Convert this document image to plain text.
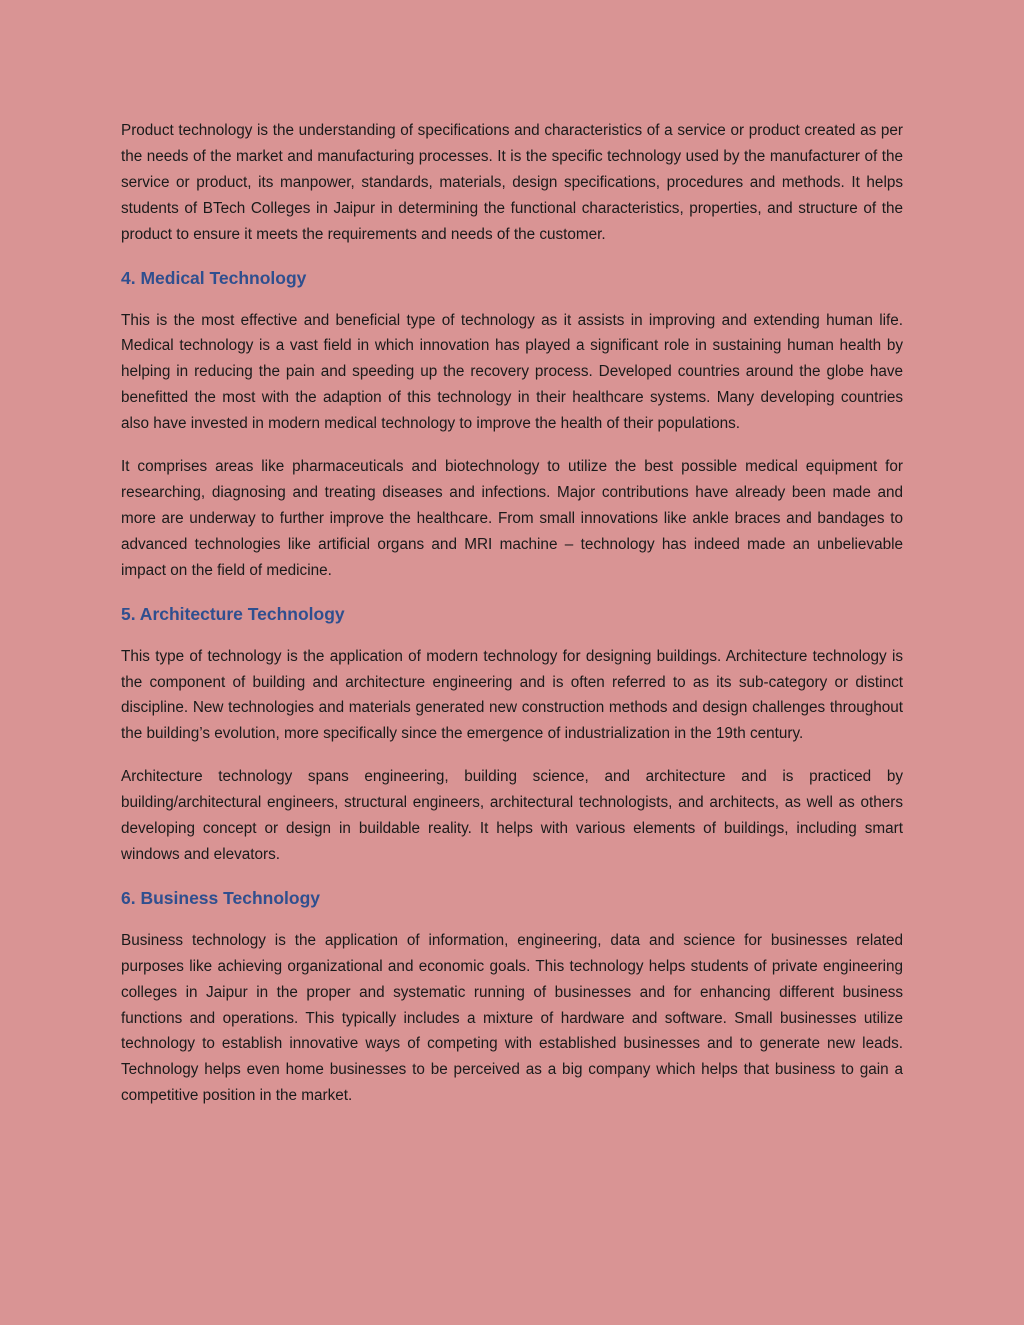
Product technology is the understanding of specifications and characteristics of a service or product created as per the needs of the market and manufacturing processes. It is the specific technology used by the manufacturer of the service or product, its manpower, standards, materials, design specifications, procedures and methods. It helps students of BTech Colleges in Jaipur in determining the functional characteristics, properties, and structure of the product to ensure it meets the requirements and needs of the customer.

4. Medical Technology

This is the most effective and beneficial type of technology as it assists in improving and extending human life. Medical technology is a vast field in which innovation has played a significant role in sustaining human health by helping in reducing the pain and speeding up the recovery process. Developed countries around the globe have benefitted the most with the adaption of this technology in their healthcare systems. Many developing countries also have invested in modern medical technology to improve the health of their populations.

It comprises areas like pharmaceuticals and biotechnology to utilize the best possible medical equipment for researching, diagnosing and treating diseases and infections. Major contributions have already been made and more are underway to further improve the healthcare. From small innovations like ankle braces and bandages to advanced technologies like artificial organs and MRI machine – technology has indeed made an unbelievable impact on the field of medicine.

5. Architecture Technology

This type of technology is the application of modern technology for designing buildings. Architecture technology is the component of building and architecture engineering and is often referred to as its sub-category or distinct discipline. New technologies and materials generated new construction methods and design challenges throughout the building’s evolution, more specifically since the emergence of industrialization in the 19th century.

Architecture technology spans engineering, building science, and architecture and is practiced by building/architectural engineers, structural engineers, architectural technologists, and architects, as well as others developing concept or design in buildable reality. It helps with various elements of buildings, including smart windows and elevators.

6. Business Technology

Business technology is the application of information, engineering, data and science for businesses related purposes like achieving organizational and economic goals. This technology helps students of private engineering colleges in Jaipur in the proper and systematic running of businesses and for enhancing different business functions and operations. This typically includes a mixture of hardware and software. Small businesses utilize technology to establish innovative ways of competing with established businesses and to generate new leads. Technology helps even home businesses to be perceived as a big company which helps that business to gain a competitive position in the market.
